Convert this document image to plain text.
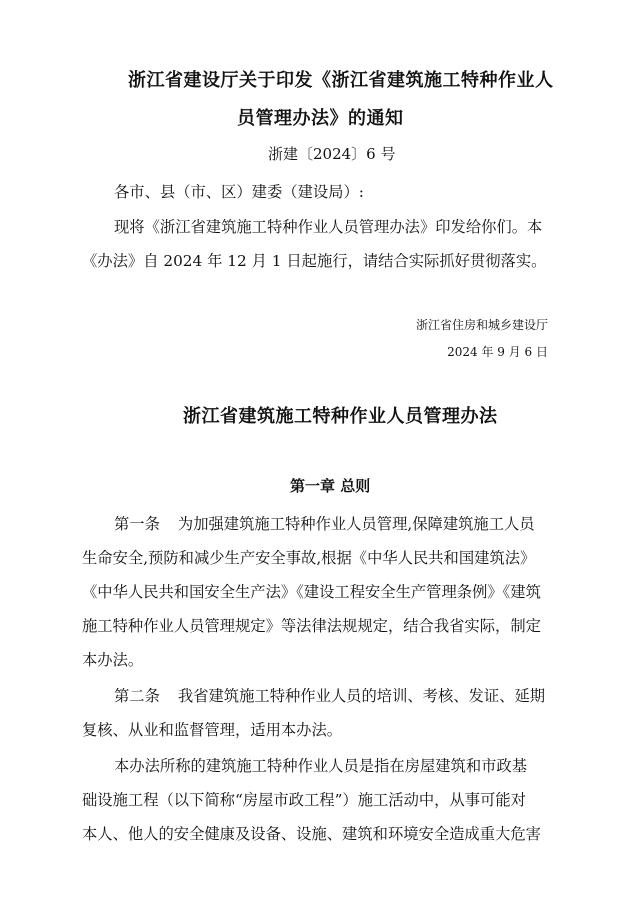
浙江省建设厅关于印发《浙江省建筑施工特种作业人
员管理办法》的通知
浙建〔2024〕6 号
各市、县（市、区）建委（建设局）:
现将《浙江省建筑施工特种作业人员管理办法》印发给你们。本
《办法》自 2024 年 12 月 1 日起施行，请结合实际抓好贯彻落实。
浙江省住房和城乡建设厅
2024 年 9 月 6 日
浙江省建筑施工特种作业人员管理办法
第一章 总则
第一条 为加强建筑施工特种作业人员管理,保障建筑施工人员
生命安全,预防和减少生产安全事故,根据《中华人民共和国建筑法》
《中华人民共和国安全生产法》《建设工程安全生产管理条例》《建筑
施工特种作业人员管理规定》等法律法规规定，结合我省实际，制定
本办法。
第二条 我省建筑施工特种作业人员的培训、考核、发证、延期
复核、从业和监督管理，适用本办法。
本办法所称的建筑施工特种作业人员是指在房屋建筑和市政基
础设施工程（以下简称“房屋市政工程”）施工活动中，从事可能对
本人、他人的安全健康及设备、设施、建筑和环境安全造成重大危害
